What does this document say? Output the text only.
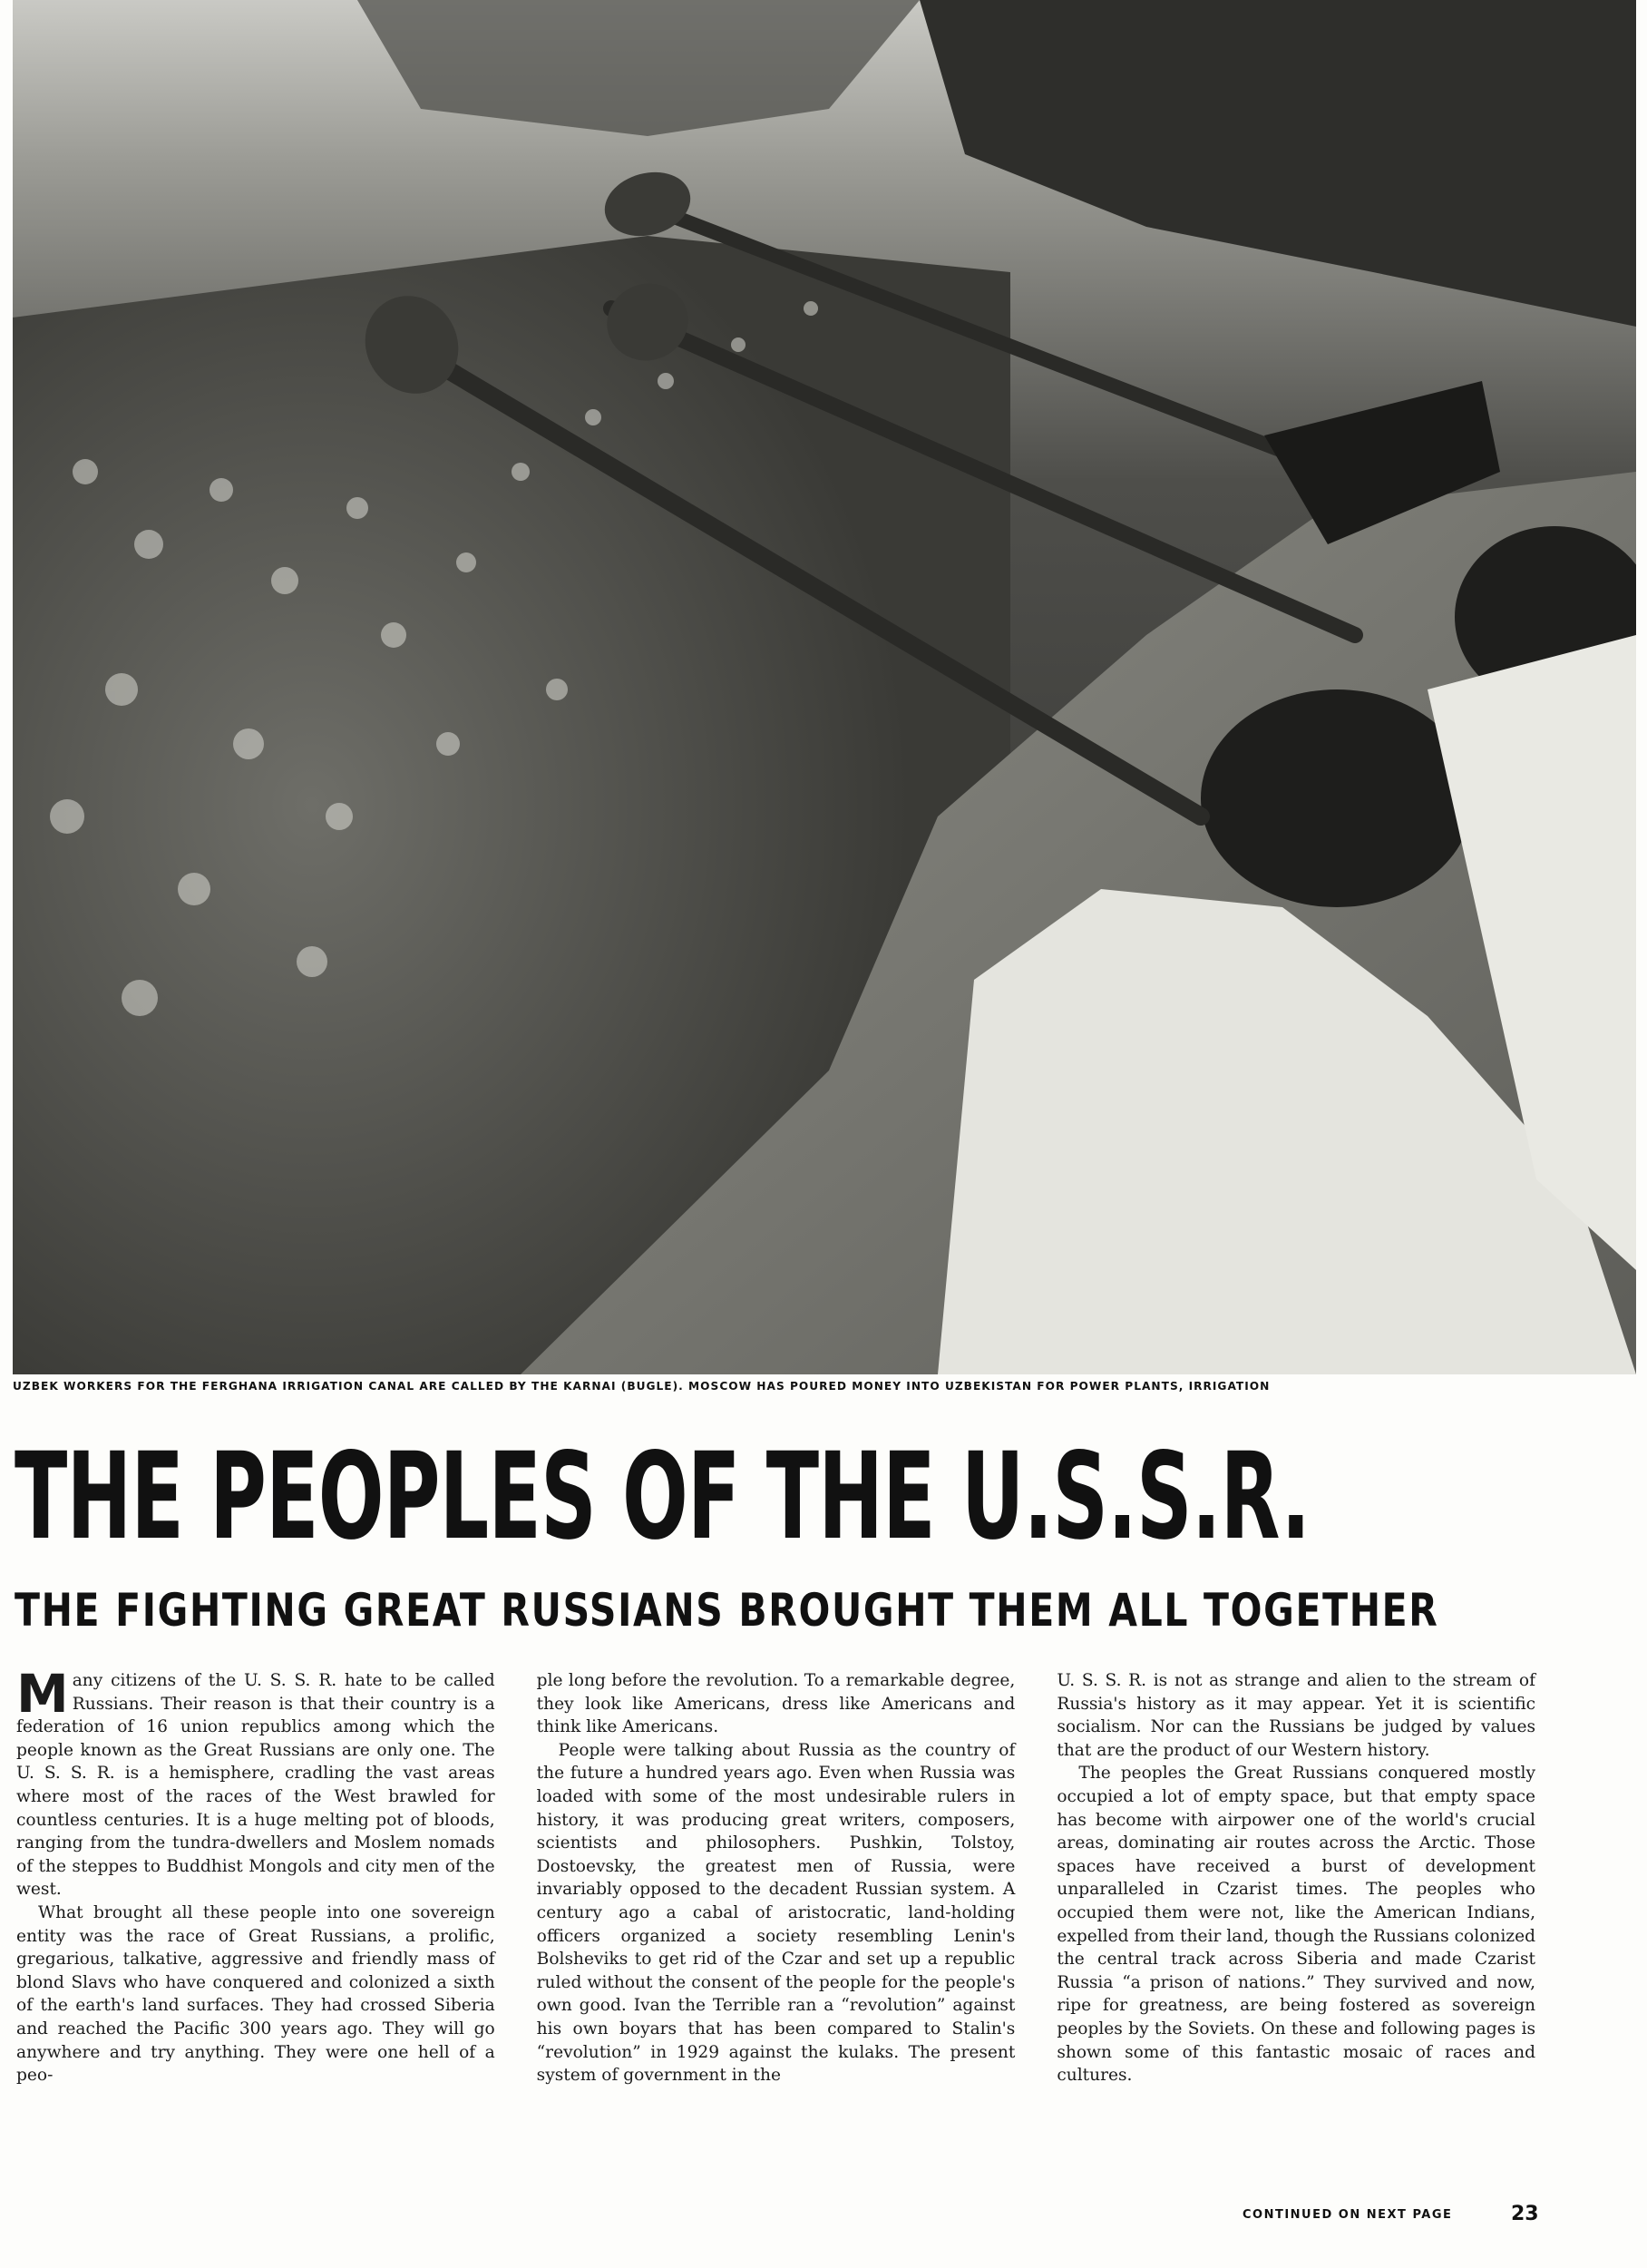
UZBEK WORKERS FOR THE FERGHANA IRRIGATION CANAL ARE CALLED BY THE KARNAI (BUGLE). MOSCOW HAS POURED MONEY INTO UZBEKISTAN FOR POWER PLANTS, IRRIGATION
THE PEOPLES OF THE U.S.S.R.
THE FIGHTING GREAT RUSSIANS BROUGHT THEM ALL TOGETHER

Many citizens of the U. S. S. R. hate to be called Russians. Their reason is that their country is a federation of 16 union republics among which the people known as the Great Russians are only one. The U. S. S. R. is a hemisphere, cradling the vast areas where most of the races of the West brawled for countless centuries. It is a huge melting pot of bloods, ranging from the tundra-dwellers and Moslem nomads of the steppes to Buddhist Mongols and city men of the west.

What brought all these people into one sovereign entity was the race of Great Russians, a prolific, gregarious, talkative, aggressive and friendly mass of blond Slavs who have conquered and colonized a sixth of the earth's land surfaces. They had crossed Siberia and reached the Pacific 300 years ago. They will go anywhere and try anything. They were one hell of a peo-

ple long before the revolution. To a remarkable degree, they look like Americans, dress like Americans and think like Americans.

People were talking about Russia as the country of the future a hundred years ago. Even when Russia was loaded with some of the most undesirable rulers in history, it was producing great writers, composers, scientists and philosophers. Pushkin, Tolstoy, Dostoevsky, the greatest men of Russia, were invariably opposed to the decadent Russian system. A century ago a cabal of aristocratic, land-holding officers organized a society resembling Lenin's Bolsheviks to get rid of the Czar and set up a republic ruled without the consent of the people for the people's own good. Ivan the Terrible ran a “revolution” against his own boyars that has been compared to Stalin's “revolution” in 1929 against the kulaks. The present system of government in the

U. S. S. R. is not as strange and alien to the stream of Russia's history as it may appear. Yet it is scientific socialism. Nor can the Russians be judged by values that are the product of our Western history.

The peoples the Great Russians conquered mostly occupied a lot of empty space, but that empty space has become with airpower one of the world's crucial areas, dominating air routes across the Arctic. Those spaces have received a burst of development unparalleled in Czarist times. The peoples who occupied them were not, like the American Indians, expelled from their land, though the Russians colonized the central track across Siberia and made Czarist Russia “a prison of nations.” They survived and now, ripe for greatness, are being fostered as sovereign peoples by the Soviets. On these and following pages is shown some of this fantastic mosaic of races and cultures.

CONTINUED ON NEXT PAGE	23
